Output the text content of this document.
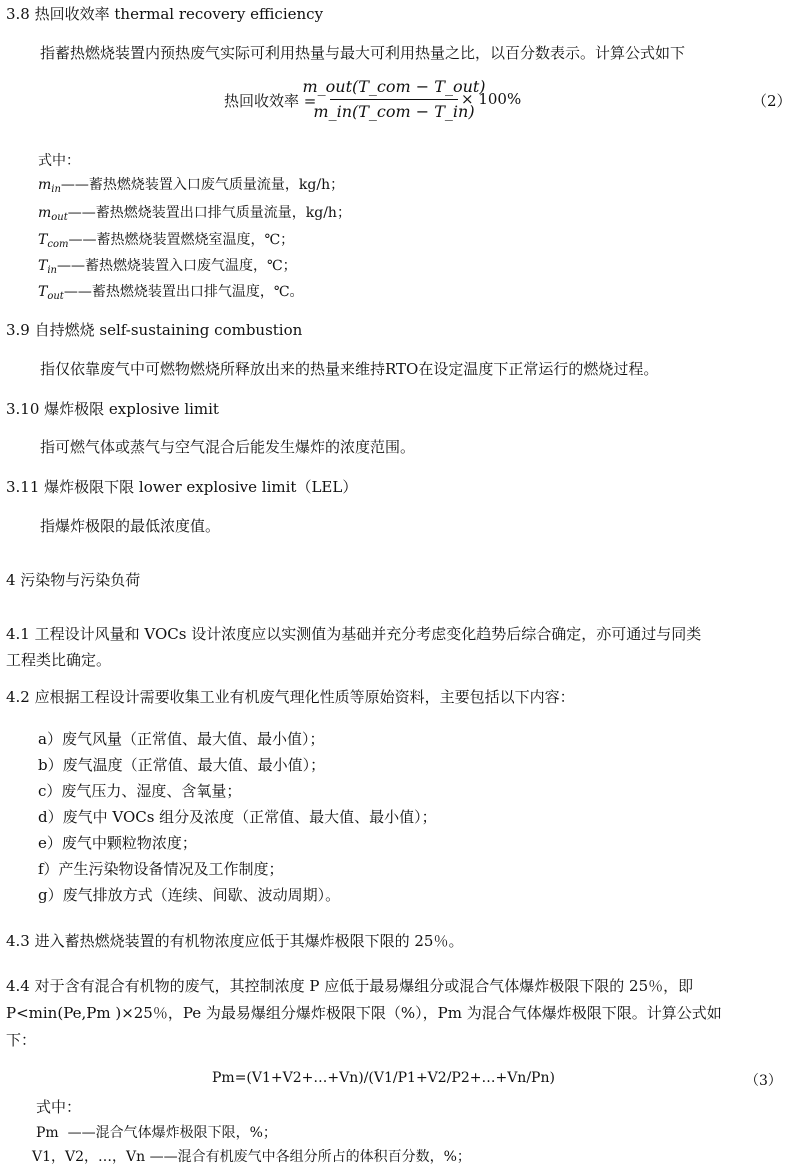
3.8 热回收效率 thermal recovery efficiency
指蓄热燃烧装置内预热废气实际可利用热量与最大可利用热量之比，以百分数表示。计算公式如下
热回收效率 =
m_out(T_com − T_out)
m_in(T_com − T_in)
× 100%	（2）
式中：
$m_{in}——$蓄热燃烧装置入口废气质量流量，kg/h；
$m_{out}——$蓄热燃烧装置出口排气质量流量，kg/h；
$T_{com}——$蓄热燃烧装置燃烧室温度，℃；
$T_{in}——$蓄热燃烧装置入口废气温度，℃；
$T_{out}——$蓄热燃烧装置出口排气温度，℃。
3.9 自持燃烧 self-sustaining combustion
指仅依靠废气中可燃物燃烧所释放出来的热量来维持RTO在设定温度下正常运行的燃烧过程。
3.10 爆炸极限 explosive limit
指可燃气体或蒸气与空气混合后能发生爆炸的浓度范围。
3.11 爆炸极限下限 lower explosive limit（LEL）
指爆炸极限的最低浓度值。
4 污染物与污染负荷
4.1 工程设计风量和 VOCs 设计浓度应以实测值为基础并充分考虑变化趋势后综合确定，亦可通过与同类
工程类比确定。
4.2 应根据工程设计需要收集工业有机废气理化性质等原始资料，主要包括以下内容：
a）废气风量（正常值、最大值、最小值）；
b）废气温度（正常值、最大值、最小值）；
c）废气压力、湿度、含氧量；
d）废气中 VOCs 组分及浓度（正常值、最大值、最小值）；
e）废气中颗粒物浓度；
f）产生污染物设备情况及工作制度；
g）废气排放方式（连续、间歇、波动周期）。
4.3 进入蓄热燃烧装置的有机物浓度应低于其爆炸极限下限的 25％。
4.4 对于含有混合有机物的废气，其控制浓度 P 应低于最易爆组分或混合气体爆炸极限下限的 25％，即
P<min(Pe,Pm )×25％，Pe 为最易爆组分爆炸极限下限（%），Pm 为混合气体爆炸极限下限。计算公式如
下：
Pm=(V1+V2+…+Vn)/(V1/P1+V2/P2+…+Vn/Pn)	（3）
式中：
Pm ——混合气体爆炸极限下限，%；
V1，V2，…，Vn ——混合有机废气中各组分所占的体积百分数，%；
